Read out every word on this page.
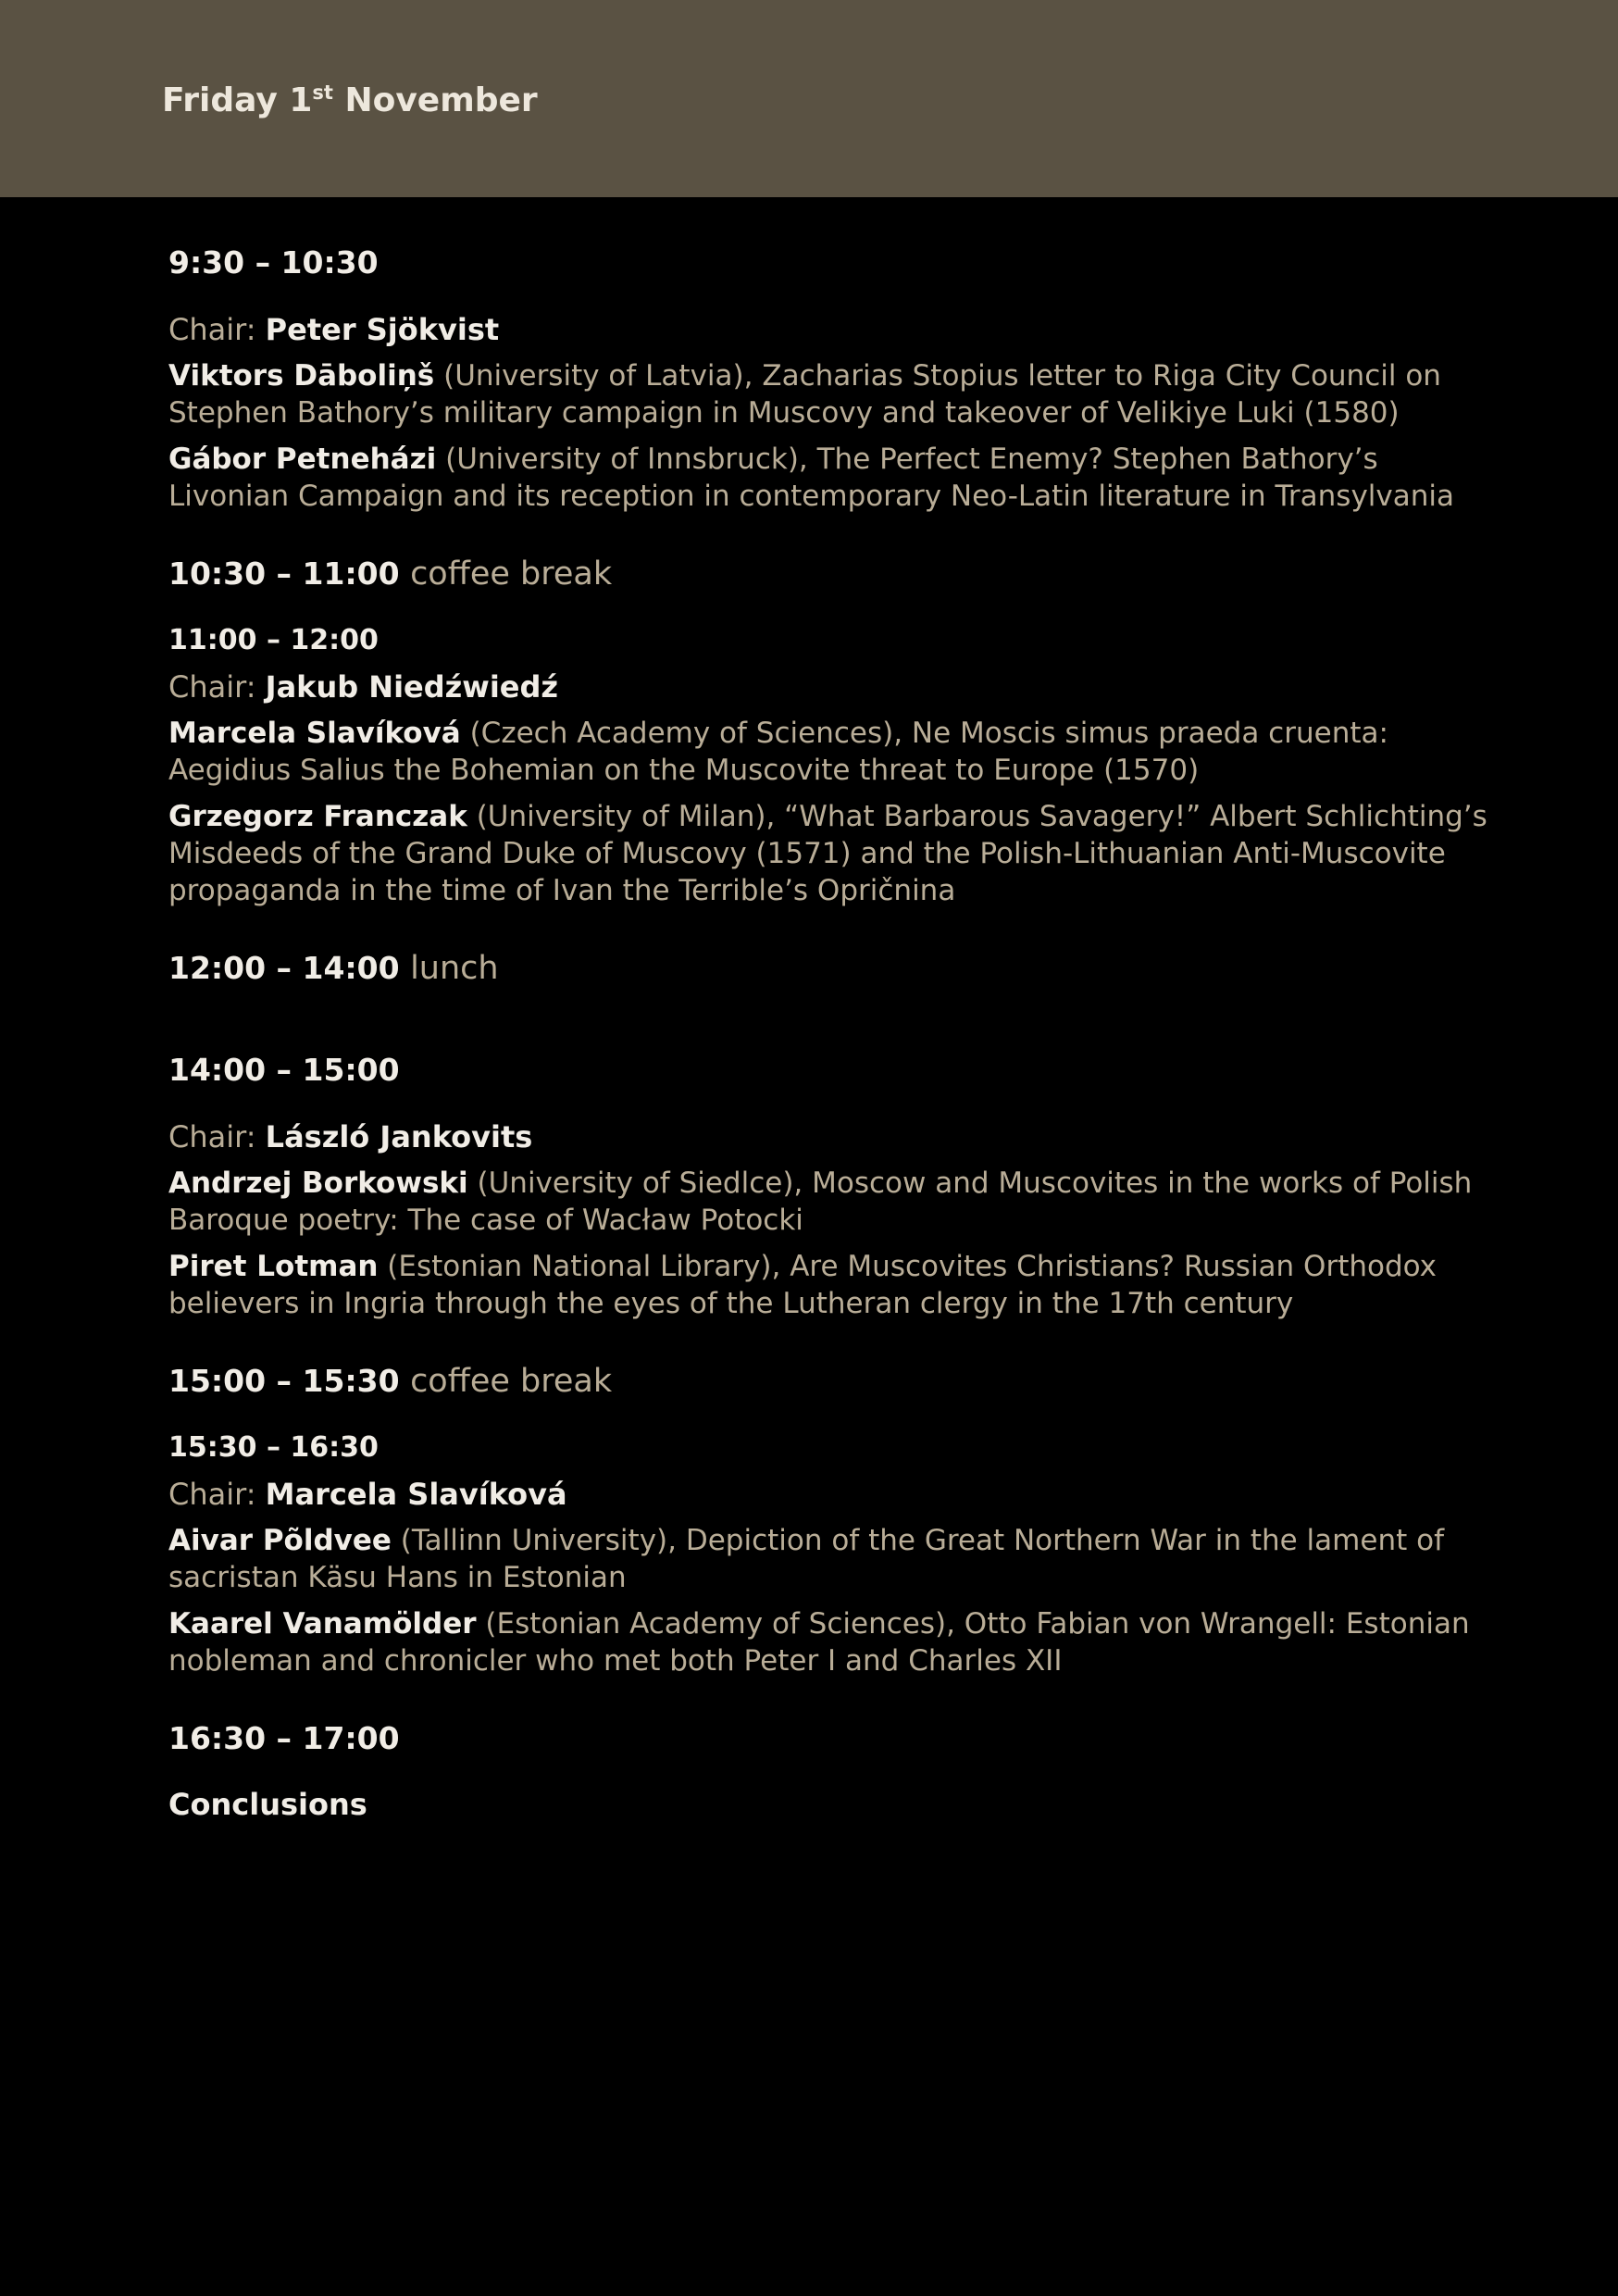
Friday 1st November
9:30 – 10:30
Chair: Peter Sjökvist
Viktors Dāboliņš (University of Latvia), Zacharias Stopius letter to Riga City Council on Stephen Bathory’s military campaign in Muscovy and takeover of Velikiye Luki (1580)
Gábor Petneházi (University of Innsbruck), The Perfect Enemy? Stephen Bathory’s Livonian Campaign and its reception in contemporary Neo-Latin literature in Transylvania
10:30 – 11:00 coffee break
11:00 – 12:00
Chair: Jakub Niedźwiedź
Marcela Slavíková (Czech Academy of Sciences), Ne Moscis simus praeda cruenta: Aegidius Salius the Bohemian on the Muscovite threat to Europe (1570)
Grzegorz Franczak (University of Milan), “What Barbarous Savagery!” Albert Schlichting’s Misdeeds of the Grand Duke of Muscovy (1571) and the Polish-Lithuanian Anti-Muscovite propaganda in the time of Ivan the Terrible’s Opričnina
12:00 – 14:00 lunch
14:00 – 15:00
Chair: László Jankovits
Andrzej Borkowski (University of Siedlce), Moscow and Muscovites in the works of Polish Baroque poetry: The case of Wacław Potocki
Piret Lotman (Estonian National Library), Are Muscovites Christians? Russian Orthodox believers in Ingria through the eyes of the Lutheran clergy in the 17th century
15:00 – 15:30 coffee break
15:30 – 16:30
Chair: Marcela Slavíková
Aivar Põldvee (Tallinn University), Depiction of the Great Northern War in the lament of sacristan Käsu Hans in Estonian
Kaarel Vanamölder (Estonian Academy of Sciences), Otto Fabian von Wrangell: Estonian nobleman and chronicler who met both Peter I and Charles XII
16:30 – 17:00
Conclusions
